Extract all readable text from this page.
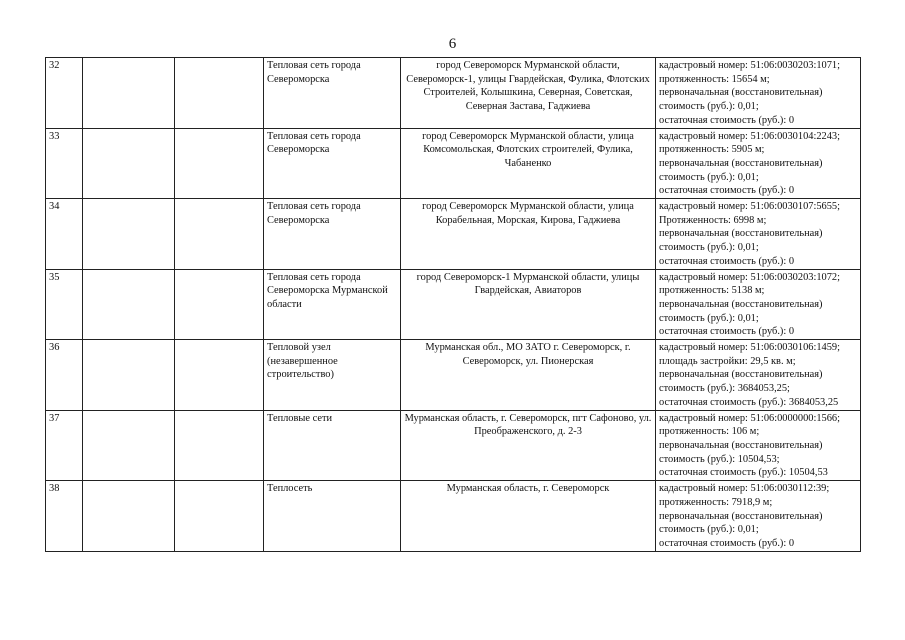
6
32			Тепловая сеть города Североморска	город Североморск Мурманской области, Североморск-1, улицы Гвардейская, Фулика, Флотских Строителей, Колышкина, Северная, Советская, Северная Застава, Гаджиева	кадастровый номер: 51:06:0030203:1071;
протяженность: 15654 м;
первоначальная (восстановительная)
стоимость (руб.): 0,01;
остаточная стоимость (руб.): 0

33			Тепловая сеть города Североморска	город Североморск Мурманской области, улица Комсомольская, Флотских строителей, Фулика, Чабаненко	кадастровый номер: 51:06:0030104:2243;
протяженность: 5905 м;
первоначальная (восстановительная)
стоимость (руб.): 0,01;
остаточная стоимость (руб.): 0

34			Тепловая сеть города Североморска	город Североморск Мурманской области, улица Корабельная, Морская, Кирова, Гаджиева	кадастровый номер: 51:06:0030107:5655;
Протяженность: 6998 м;
первоначальная (восстановительная)
стоимость (руб.): 0,01;
остаточная стоимость (руб.): 0

35			Тепловая сеть города Североморска Мурманской области	город Североморск-1 Мурманской области, улицы Гвардейская, Авиаторов	кадастровый номер: 51:06:0030203:1072;
протяженность: 5138 м;
первоначальная (восстановительная)
стоимость (руб.): 0,01;
остаточная стоимость (руб.): 0

36			Тепловой узел (незавершенное строительство)	Мурманская обл., МО ЗАТО г. Североморск, г. Североморск, ул. Пионерская	кадастровый номер: 51:06:0030106:1459;
площадь застройки: 29,5 кв. м;
первоначальная (восстановительная)
стоимость (руб.): 3684053,25;
остаточная стоимость (руб.): 3684053,25

37			Тепловые сети	Мурманская область, г. Североморск, пгт Сафоново, ул. Преображенского, д. 2-3	кадастровый номер: 51:06:0000000:1566;
протяженность: 106 м;
первоначальная (восстановительная)
стоимость (руб.): 10504,53;
остаточная стоимость (руб.): 10504,53

38			Теплосеть	Мурманская область, г. Североморск	кадастровый номер: 51:06:0030112:39;
протяженность: 7918,9 м;
первоначальная (восстановительная)
стоимость (руб.): 0,01;
остаточная стоимость (руб.): 0
